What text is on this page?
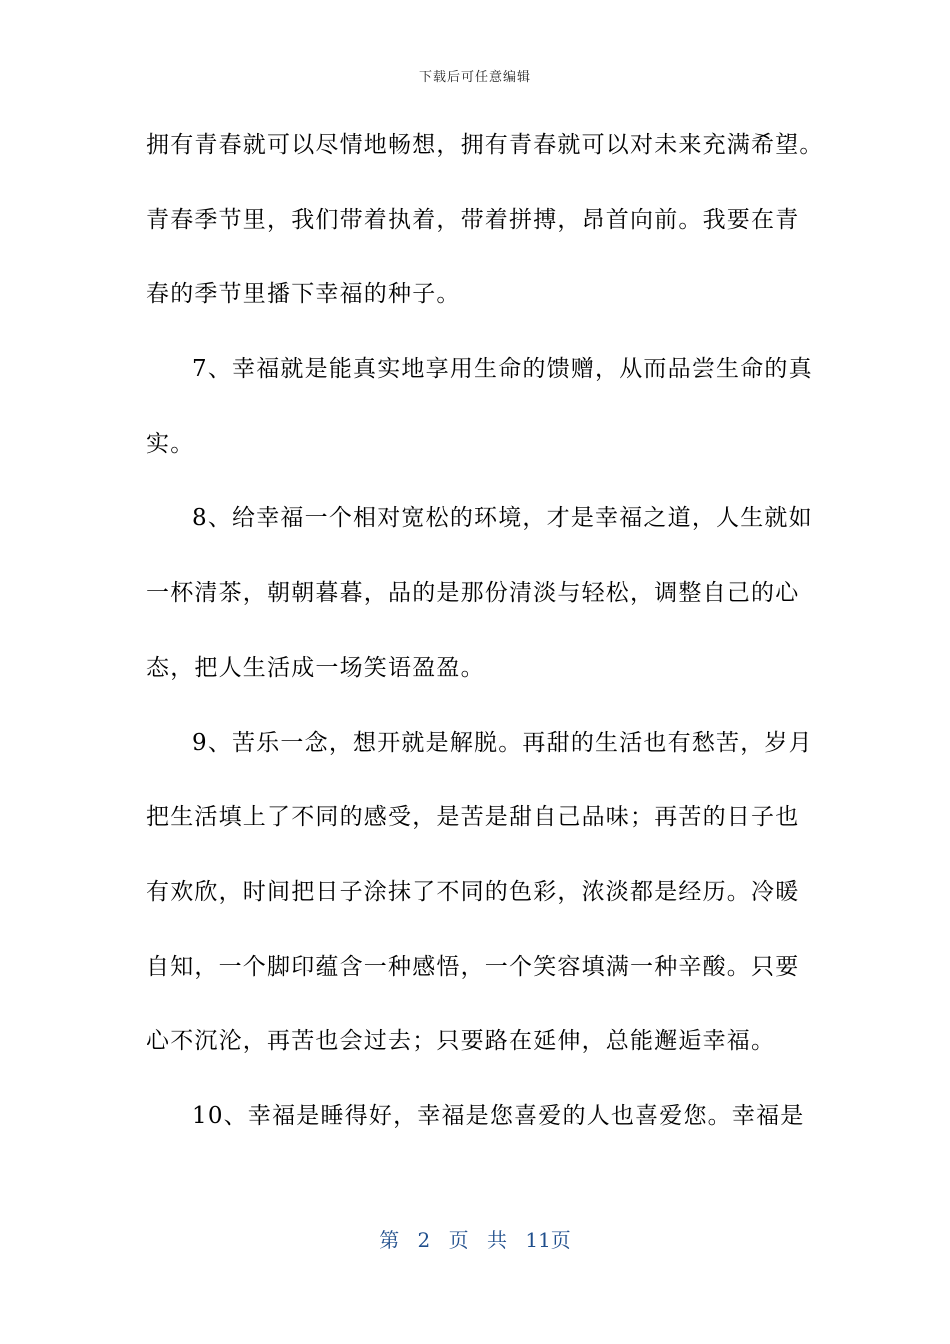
下载后可任意编辑

拥有青春就可以尽情地畅想，拥有青春就可以对未来充满希望。

青春季节里，我们带着执着，带着拼搏，昂首向前。我要在青

春的季节里播下幸福的种子。

7、幸福就是能真实地享用生命的馈赠，从而品尝生命的真

实。

8、给幸福一个相对宽松的环境，才是幸福之道，人生就如

一杯清茶，朝朝暮暮，品的是那份清淡与轻松，调整自己的心

态，把人生活成一场笑语盈盈。

9、苦乐一念，想开就是解脱。再甜的生活也有愁苦，岁月

把生活填上了不同的感受，是苦是甜自己品味；再苦的日子也

有欢欣，时间把日子涂抹了不同的色彩，浓淡都是经历。冷暖

自知，一个脚印蕴含一种感悟，一个笑容填满一种辛酸。只要

心不沉沦，再苦也会过去；只要路在延伸，总能邂逅幸福。

10、幸福是睡得好，幸福是您喜爱的人也喜爱您。幸福是

第 2 页 共 11页
